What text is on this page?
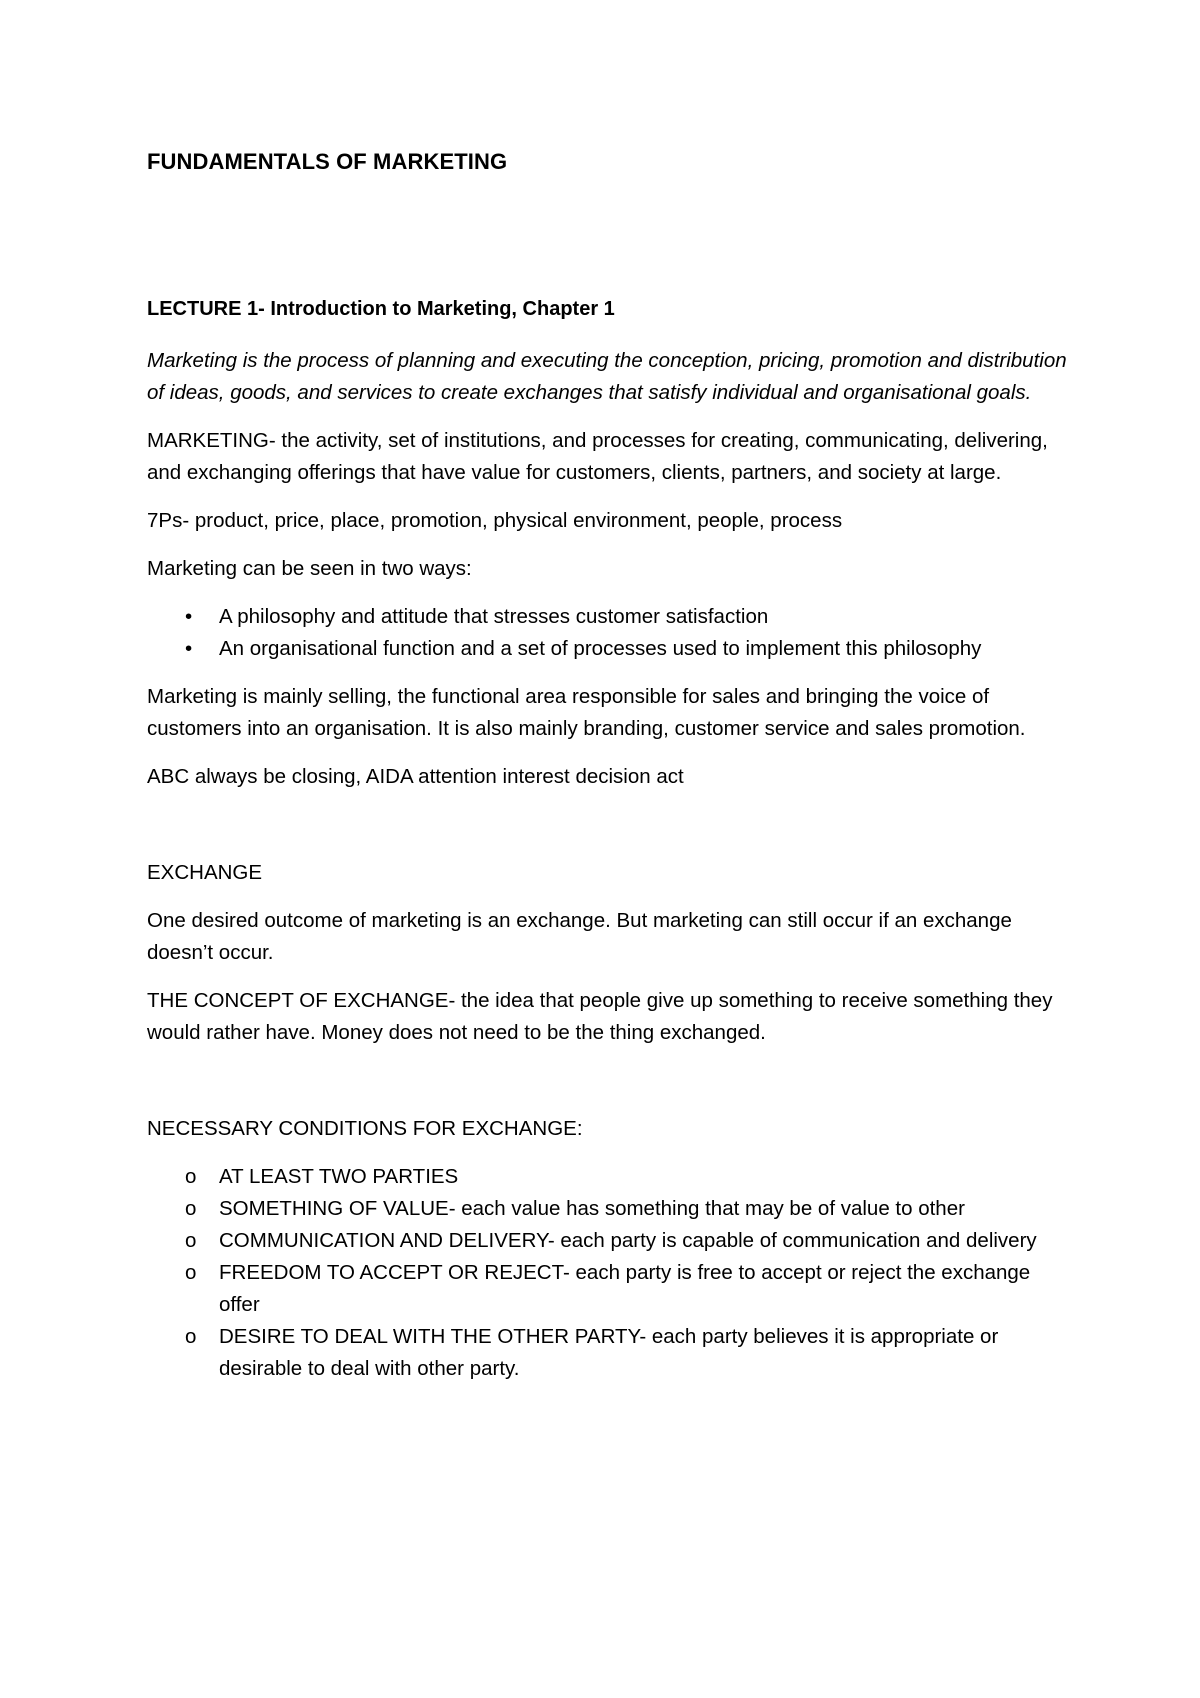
FUNDAMENTALS OF MARKETING
LECTURE 1- Introduction to Marketing, Chapter 1

Marketing is the process of planning and executing the conception, pricing, promotion and distribution of ideas, goods, and services to create exchanges that satisfy individual and organisational goals.

MARKETING- the activity, set of institutions, and processes for creating, communicating, delivering, and exchanging offerings that have value for customers, clients, partners, and society at large.

7Ps- product, price, place, promotion, physical environment, people, process

Marketing can be seen in two ways:

• A philosophy and attitude that stresses customer satisfaction
• An organisational function and a set of processes used to implement this philosophy

Marketing is mainly selling, the functional area responsible for sales and bringing the voice of customers into an organisation. It is also mainly branding, customer service and sales promotion.

ABC always be closing, AIDA attention interest decision act

EXCHANGE

One desired outcome of marketing is an exchange. But marketing can still occur if an exchange doesn’t occur.

THE CONCEPT OF EXCHANGE- the idea that people give up something to receive something they would rather have. Money does not need to be the thing exchanged.

NECESSARY CONDITIONS FOR EXCHANGE:

o AT LEAST TWO PARTIES
o SOMETHING OF VALUE- each value has something that may be of value to other
o COMMUNICATION AND DELIVERY- each party is capable of communication and delivery
o FREEDOM TO ACCEPT OR REJECT- each party is free to accept or reject the exchange offer
o DESIRE TO DEAL WITH THE OTHER PARTY- each party believes it is appropriate or desirable to deal with other party.
